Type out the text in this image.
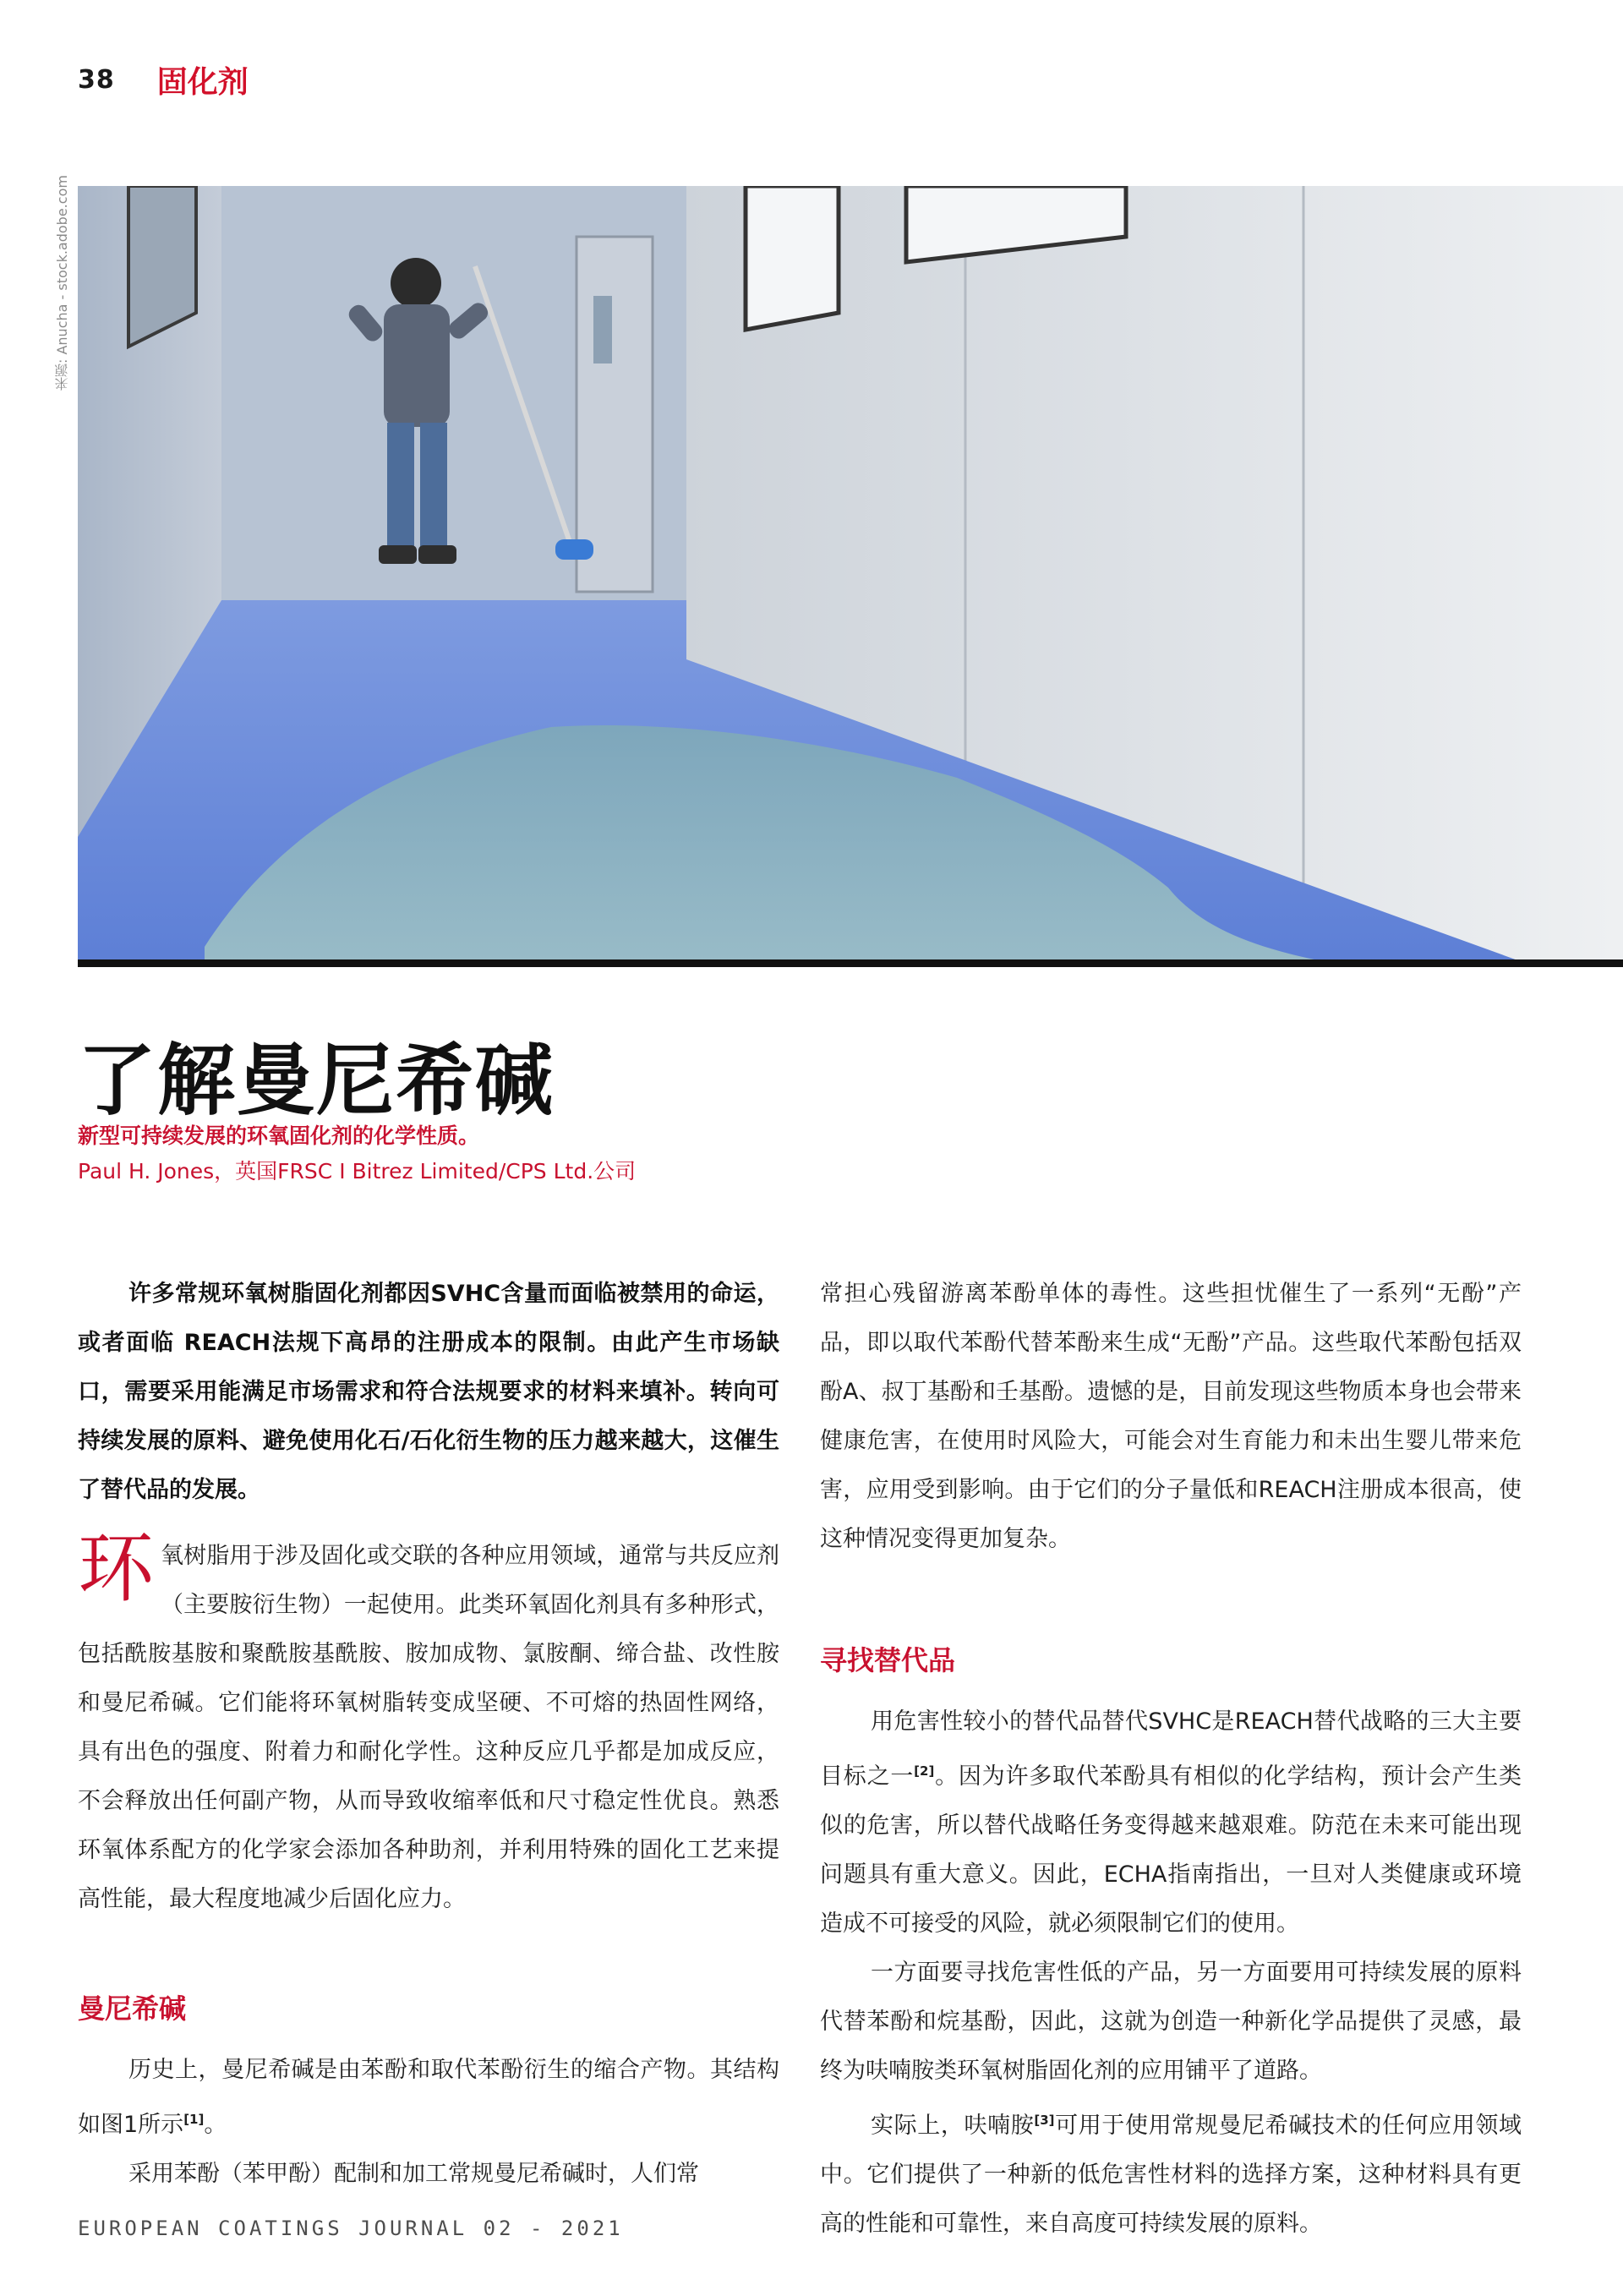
38 固化剂
来源: Anucha - stock.adobe.com
了解曼尼希碱
新型可持续发展的环氧固化剂的化学性质。
Paul H. Jones，英国FRSC I Bitrez Limited/CPS Ltd.公司

许多常规环氧树脂固化剂都因SVHC含量而面临被禁用的命运，或者面临 REACH法规下高昂的注册成本的限制。由此产生市场缺口，需要采用能满足市场需求和符合法规要求的材料来填补。转向可持续发展的原料、避免使用化石/石化衍生物的压力越来越大，这催生了替代品的发展。

环 氧树脂用于涉及固化或交联的各种应用领域，通常与共反应剂（主要胺衍生物）一起使用。此类环氧固化剂具有多种形式，包括酰胺基胺和聚酰胺基酰胺、胺加成物、氯胺酮、缔合盐、改性胺和曼尼希碱。它们能将环氧树脂转变成坚硬、不可熔的热固性网络，具有出色的强度、附着力和耐化学性。这种反应几乎都是加成反应，不会释放出任何副产物，从而导致收缩率低和尺寸稳定性优良。熟悉环氧体系配方的化学家会添加各种助剂，并利用特殊的固化工艺来提高性能，最大程度地减少后固化应力。

曼尼希碱

历史上，曼尼希碱是由苯酚和取代苯酚衍生的缩合产物。其结构如图1所示[1]。

采用苯酚（苯甲酚）配制和加工常规曼尼希碱时，人们常

常担心残留游离苯酚单体的毒性。这些担忧催生了一系列“无酚”产品，即以取代苯酚代替苯酚来生成“无酚”产品。这些取代苯酚包括双酚A、叔丁基酚和壬基酚。遗憾的是，目前发现这些物质本身也会带来健康危害，在使用时风险大，可能会对生育能力和未出生婴儿带来危害，应用受到影响。由于它们的分子量低和REACH注册成本很高，使这种情况变得更加复杂。

寻找替代品

用危害性较小的替代品替代SVHC是REACH替代战略的三大主要目标之一[2]。因为许多取代苯酚具有相似的化学结构，预计会产生类似的危害，所以替代战略任务变得越来越艰难。防范在未来可能出现问题具有重大意义。因此，ECHA指南指出，一旦对人类健康或环境造成不可接受的风险，就必须限制它们的使用。

一方面要寻找危害性低的产品，另一方面要用可持续发展的原料代替苯酚和烷基酚，因此，这就为创造一种新化学品提供了灵感，最终为呋喃胺类环氧树脂固化剂的应用铺平了道路。

实际上，呋喃胺[3]可用于使用常规曼尼希碱技术的任何应用领域中。它们提供了一种新的低危害性材料的选择方案，这种材料具有更高的性能和可靠性，来自高度可持续发展的原料。

EUROPEAN COATINGS JOURNAL 02 - 2021
